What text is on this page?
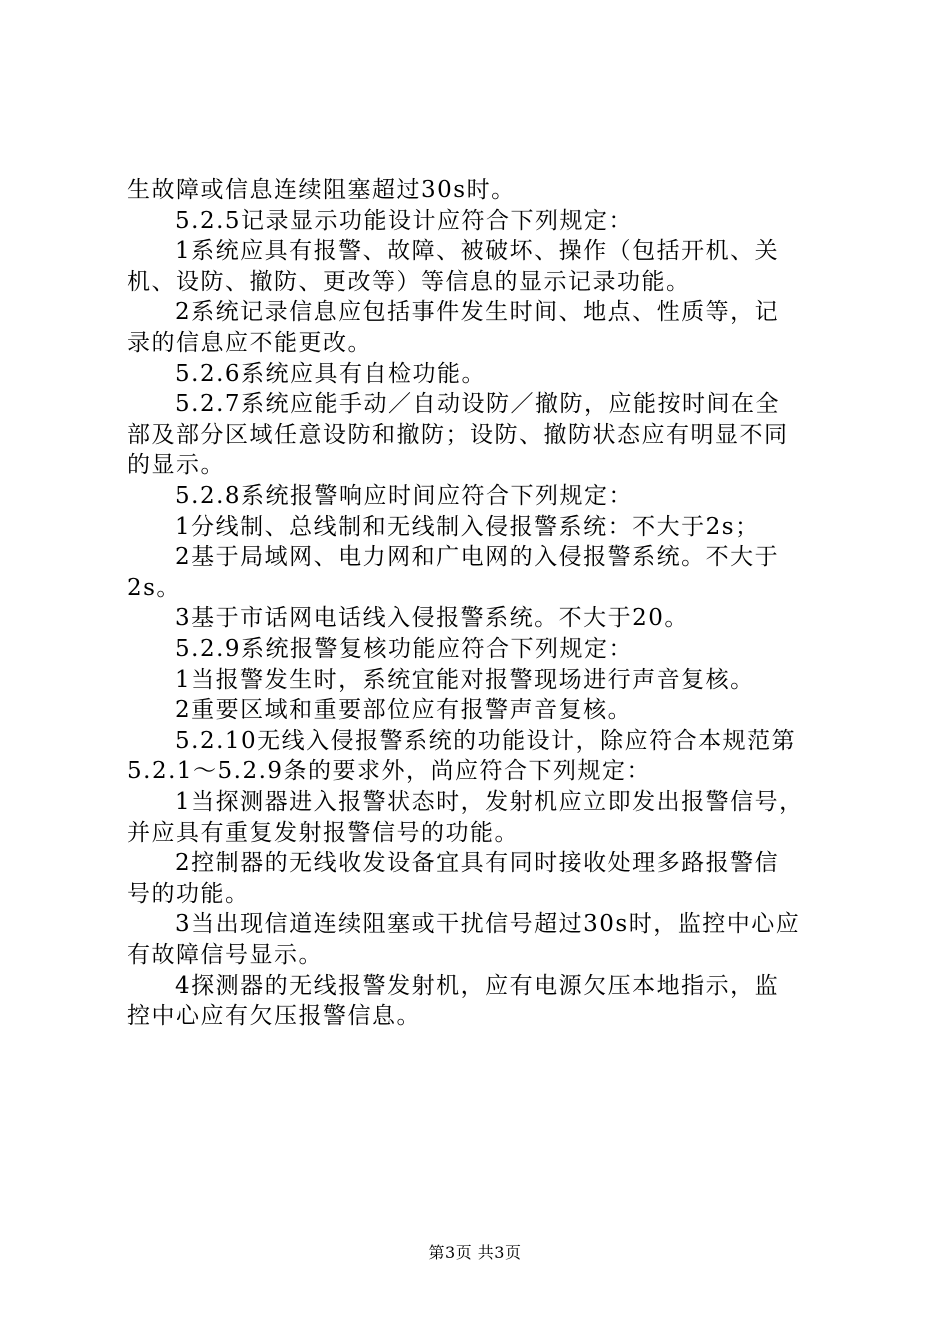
生故障或信息连续阻塞超过30s时。
5.2.5记录显示功能设计应符合下列规定：
1系统应具有报警、故障、被破坏、操作（包括开机、关
机、设防、撤防、更改等）等信息的显示记录功能。
2系统记录信息应包括事件发生时间、地点、性质等，记
录的信息应不能更改。
5.2.6系统应具有自检功能。
5.2.7系统应能手动／自动设防／撤防，应能按时间在全
部及部分区域任意设防和撤防；设防、撤防状态应有明显不同
的显示。
5.2.8系统报警响应时间应符合下列规定：
1分线制、总线制和无线制入侵报警系统：不大于2s；
2基于局域网、电力网和广电网的入侵报警系统。不大于
2s。
3基于市话网电话线入侵报警系统。不大于20。
5.2.9系统报警复核功能应符合下列规定：
1当报警发生时，系统宜能对报警现场进行声音复核。
2重要区域和重要部位应有报警声音复核。
5.2.10无线入侵报警系统的功能设计，除应符合本规范第
5.2.1～5.2.9条的要求外，尚应符合下列规定：
1当探测器进入报警状态时，发射机应立即发出报警信号，
并应具有重复发射报警信号的功能。
2控制器的无线收发设备宜具有同时接收处理多路报警信
号的功能。
3当出现信道连续阻塞或干扰信号超过30s时，监控中心应
有故障信号显示。
4探测器的无线报警发射机，应有电源欠压本地指示，监
控中心应有欠压报警信息。
第3页 共3页
